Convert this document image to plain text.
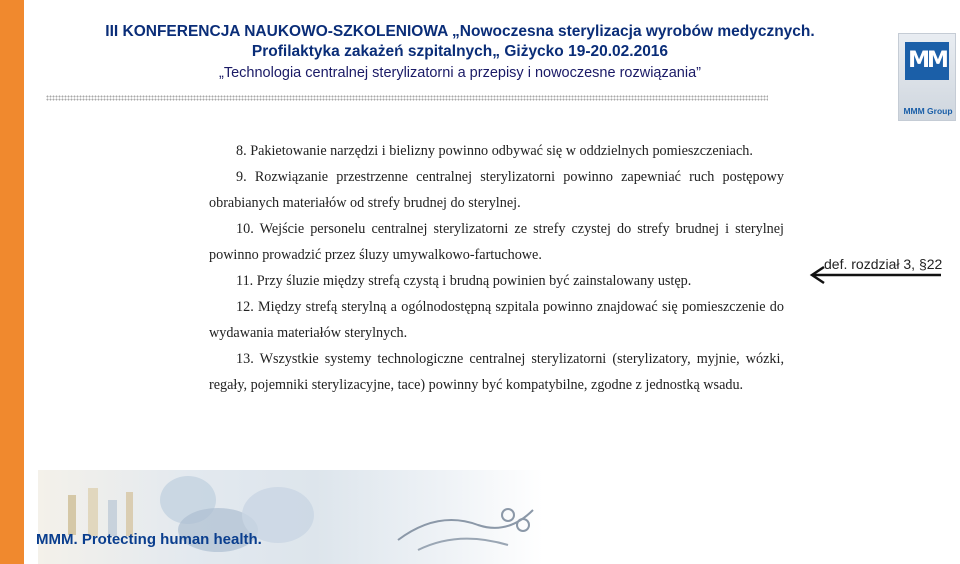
III KONFERENCJA NAUKOWO-SZKOLENIOWA „Nowoczesna sterylizacja wyrobów medycznych.
Profilaktyka zakażeń szpitalnych„ Giżycko 19-20.02.2016
„Technologia centralnej sterylizatorni a przepisy i nowoczesne rozwiązania”	MM
MMM Group

8. Pakietowanie narzędzi i bielizny powinno odbywać się w oddzielnych pomieszczeniach.

9. Rozwiązanie przestrzenne centralnej sterylizatorni powinno zapewniać ruch postępowy obrabianych materiałów od strefy brudnej do sterylnej.

10. Wejście personelu centralnej sterylizatorni ze strefy czystej do strefy brudnej i sterylnej powinno prowadzić przez śluzy umywalkowo-fartuchowe.

11. Przy śluzie między strefą czystą i brudną powinien być zainstalowany ustęp.

12. Między strefą sterylną a ogólnodostępną szpitala powinno znajdować się pomieszczenie do wydawania materiałów sterylnych.

13. Wszystkie systemy technologiczne centralnej sterylizatorni (sterylizatory, myjnie, wózki, regały, pojemniki sterylizacyjne, tace) powinny być kompatybilne, zgodne z jednostką wsadu.

def. rozdział 3, §22
MMM. Protecting human health.
